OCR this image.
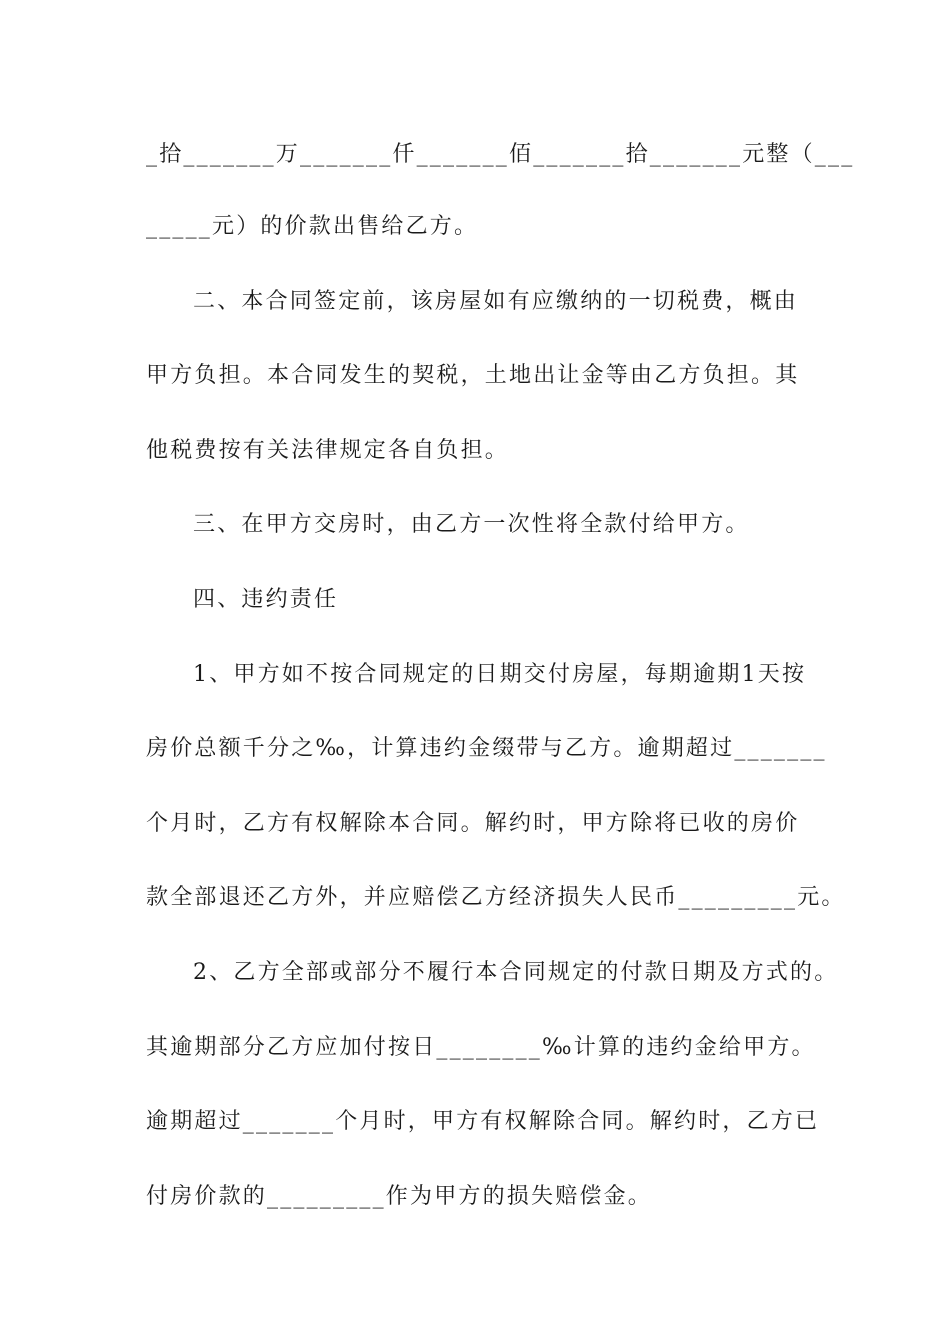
_拾_______万_______仟_______佰_______拾_______元整（___
_____元）的价款出售给乙方。
二、本合同签定前，该房屋如有应缴纳的一切税费，概由
甲方负担。本合同发生的契税，土地出让金等由乙方负担。其
他税费按有关法律规定各自负担。
三、在甲方交房时，由乙方一次性将全款付给甲方。
四、违约责任
1、甲方如不按合同规定的日期交付房屋，每期逾期1天按
房价总额千分之‰，计算违约金缀带与乙方。逾期超过_______
个月时，乙方有权解除本合同。解约时，甲方除将已收的房价
款全部退还乙方外，并应赔偿乙方经济损失人民币_________元。
2、乙方全部或部分不履行本合同规定的付款日期及方式的。
其逾期部分乙方应加付按日________‰计算的违约金给甲方。
逾期超过_______个月时，甲方有权解除合同。解约时，乙方已
付房价款的_________作为甲方的损失赔偿金。
